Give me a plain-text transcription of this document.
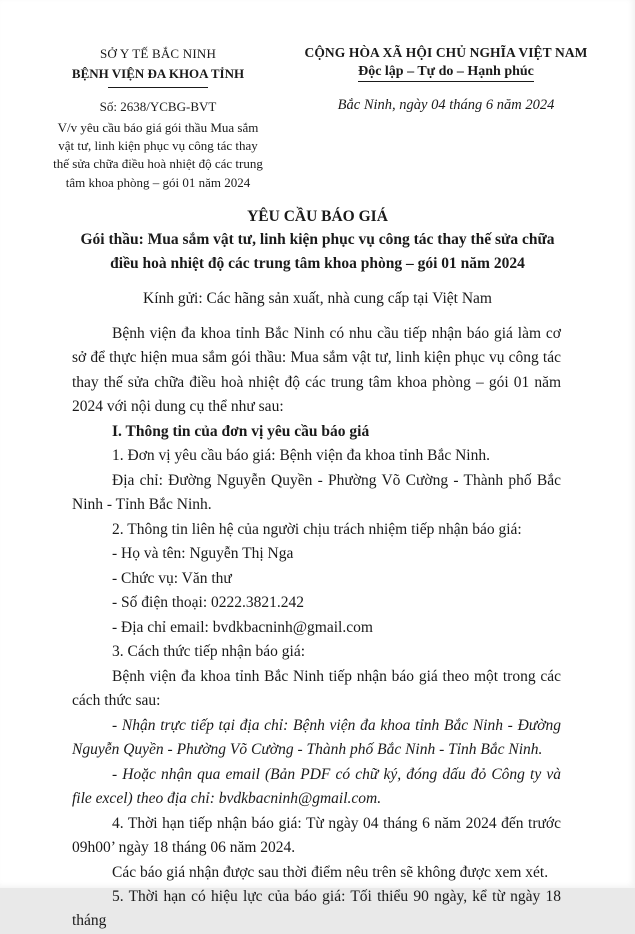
SỞ Y TẾ BẮC NINH
BỆNH VIỆN ĐA KHOA TỈNH
Số: 2638/YCBG-BVT
V/v yêu cầu báo giá gói thầu Mua sắm vật tư, linh kiện phục vụ công tác thay thế sửa chữa điều hoà nhiệt độ các trung tâm khoa phòng – gói 01 năm 2024
CỘNG HÒA XÃ HỘI CHỦ NGHĨA VIỆT NAM
Độc lập – Tự do – Hạnh phúc
Bắc Ninh, ngày 04 tháng 6 năm 2024

YÊU CẦU BÁO GIÁ

Gói thầu: Mua sắm vật tư, linh kiện phục vụ công tác thay thế sửa chữa điều hoà nhiệt độ các trung tâm khoa phòng – gói 01 năm 2024

Kính gửi: Các hãng sản xuất, nhà cung cấp tại Việt Nam

Bệnh viện đa khoa tỉnh Bắc Ninh có nhu cầu tiếp nhận báo giá làm cơ sở để thực hiện mua sắm gói thầu: Mua sắm vật tư, linh kiện phục vụ công tác thay thế sửa chữa điều hoà nhiệt độ các trung tâm khoa phòng – gói 01 năm 2024 với nội dung cụ thể như sau:

I. Thông tin của đơn vị yêu cầu báo giá

1. Đơn vị yêu cầu báo giá: Bệnh viện đa khoa tỉnh Bắc Ninh.

Địa chỉ: Đường Nguyễn Quyền - Phường Võ Cường - Thành phố Bắc Ninh - Tỉnh Bắc Ninh.

2. Thông tin liên hệ của người chịu trách nhiệm tiếp nhận báo giá:

- Họ và tên: Nguyễn Thị Nga

- Chức vụ: Văn thư

- Số điện thoại: 0222.3821.242

- Địa chỉ email: bvdkbacninh@gmail.com

3. Cách thức tiếp nhận báo giá:

Bệnh viện đa khoa tỉnh Bắc Ninh tiếp nhận báo giá theo một trong các cách thức sau:

- Nhận trực tiếp tại địa chỉ: Bệnh viện đa khoa tỉnh Bắc Ninh - Đường Nguyễn Quyền - Phường Võ Cường - Thành phố Bắc Ninh - Tỉnh Bắc Ninh.

- Hoặc nhận qua email (Bản PDF có chữ ký, đóng dấu đỏ Công ty và file excel) theo địa chỉ: bvdkbacninh@gmail.com.

4. Thời hạn tiếp nhận báo giá: Từ ngày 04 tháng 6 năm 2024 đến trước 09h00’ ngày 18 tháng 06 năm 2024.

Các báo giá nhận được sau thời điểm nêu trên sẽ không được xem xét.

5. Thời hạn có hiệu lực của báo giá: Tối thiểu 90 ngày, kể từ ngày 18 tháng
